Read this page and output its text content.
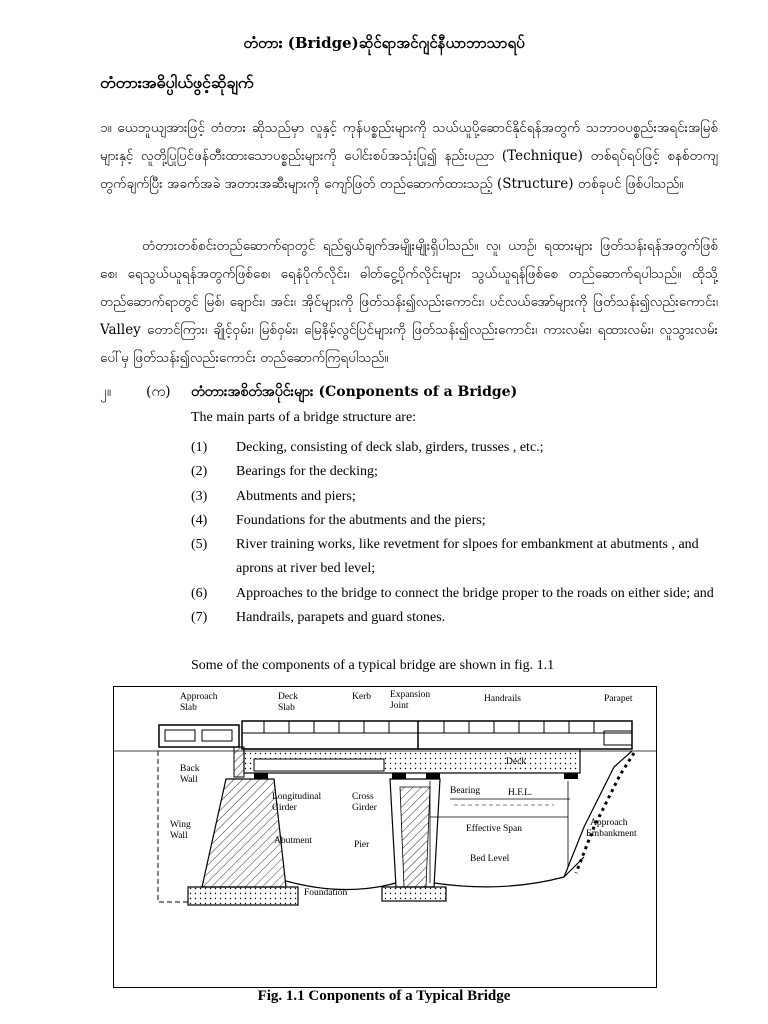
တံတား (Bridge)ဆိုင်ရာအင်ဂျင်နီယာဘာသာရပ်
တံတားအဓိပ္ပါယ်ဖွင့်ဆိုချက်
၁။ ယေဘူယျအားဖြင့် တံတား ဆိုသည်မှာ လူနှင့် ကုန်ပစ္စည်းများကို သယ်ယူပို့ဆောင်နိုင်ရန်အတွက် သဘာဝပစ္စည်းအရင်းအမြစ်များနှင့် လူတို့ပြုပြင်ဖန်တီးထားသောပစ္စည်းများကို ပေါင်းစပ်အသုံးပြု၍ နည်းပညာ (Technique) တစ်ရပ်ရပ်ဖြင့် စနစ်တကျတွက်ချက်ပြီး အခက်အခဲ အတားအဆီးများကို ကျော်ဖြတ် တည်ဆောက်ထားသည့် (Structure) တစ်ခုပင် ဖြစ်ပါသည်။
တံတားတစ်စင်းတည်ဆောက်ရာတွင် ရည်ရွယ်ချက်အမျိုးမျိုးရှိပါသည်။ လူ၊ ယာဉ်၊ ရထားများ ဖြတ်သန်းရန်အတွက်ဖြစ်စေ၊ ရေသွယ်ယူရန်အတွက်ဖြစ်စေ၊ ရေနံပိုက်လိုင်း၊ ဓါတ်ငွေ့ပိုက်လိုင်းများ သွယ်ယူရန်ဖြစ်စေ တည်ဆောက်ရပါသည်။ ထိုသို့တည်ဆောက်ရာတွင် မြစ်၊ ချောင်း၊ အင်း၊ အိုင်များကို ဖြတ်သန်း၍လည်းကောင်း၊ ပင်လယ်အော်များကို ဖြတ်သန်း၍လည်းကောင်း၊ Valley တောင်ကြား၊ ချိုင့်ဝှမ်း၊ မြစ်ဝှမ်း၊ မြေနိမ့်လွင်ပြင်များကို ဖြတ်သန်း၍လည်းကောင်း၊ ကားလမ်း၊ ရထားလမ်း၊ လူသွားလမ်းပေါ်မှ ဖြတ်သန်း၍လည်းကောင်း တည်ဆောက်ကြရပါသည်။
၂။ (က) တံတားအစိတ်အပိုင်းများ (Conponents of a Bridge)
The main parts of a bridge structure are:
(1)	Decking, consisting of deck slab, girders, trusses , etc.;
(2)	Bearings for the decking;
(3)	Abutments and piers;
(4)	Foundations for the abutments and the piers;
(5)	River training works, like revetment for slpoes for embankment at abutments , and aprons at river bed level;
(6)	Approaches to the bridge to connect the bridge proper to the roads on either side; and
(7)	Handrails, parapets and guard stones.
Some of the components of a typical bridge are shown in fig. 1.1
Approach
Slab
Deck
Slab
Kerb Expansion
Joint
Handrails	Parapet
Deck
Back
Wall
Longitudinal
Girder
Cross
Girder
Bearing	H.F.L.
Wing
Wall	Abutment	Pier
Effective Span
Approach
Embankment
Bed Level
Foundation
Fig. 1.1 Conponents of a Typical Bridge
